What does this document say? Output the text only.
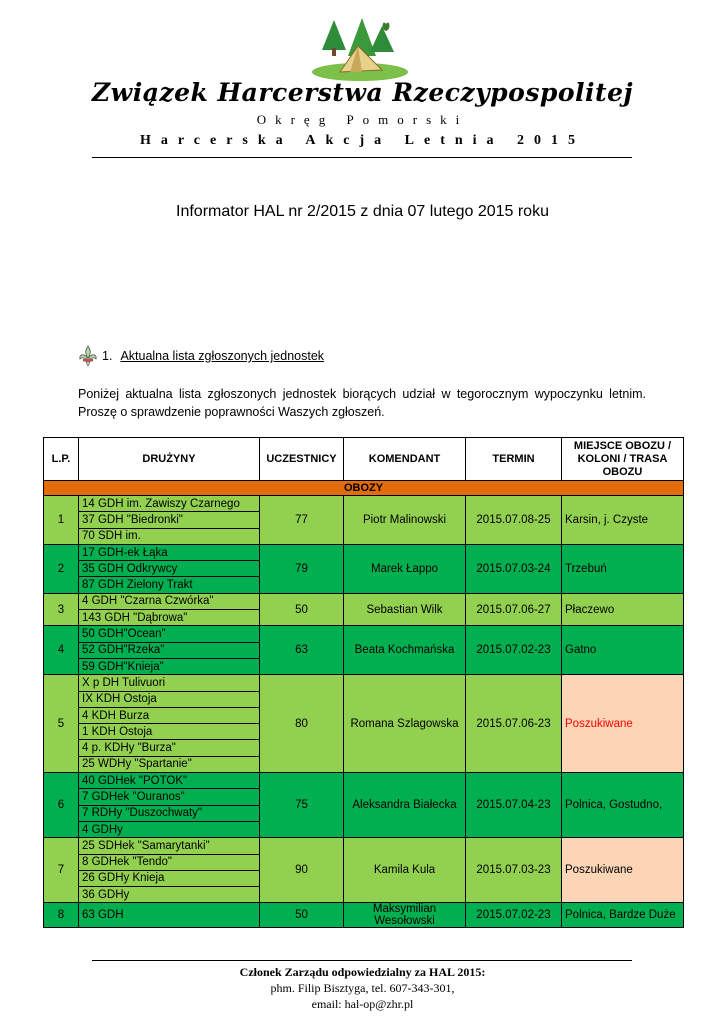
Związek Harcerstwa Rzeczypospolitej
Okręg Pomorski
Harcerska Akcja Letnia 2015
Informator HAL nr 2/2015 z dnia 07 lutego 2015 roku
1. Aktualna lista zgłoszonych jednostek
Poniżej aktualna lista zgłoszonych jednostek biorących udział w tegorocznym wypoczynku letnim. Proszę o sprawdzenie poprawności Waszych zgłoszeń.
L.P.	DRUŻYNY	UCZESTNICY	KOMENDANT	TERMIN	MIEJSCE OBOZU / KOLONI / TRASA OBOZU
OBOZY					
1	14 GDH im. Zawiszy Czarnego	77	Piotr Malinowski	2015.07.08-25	Karsin, j. Czyste
	37 GDH "Biedronki"				
	70 SDH im.				
2	17 GDH-ek Łąka	79	Marek Łappo	2015.07.03-24	Trzebuń
	35 GDH Odkrywcy				
	87 GDH Zielony Trakt				
3	4 GDH "Czarna Czwórka"	50	Sebastian Wilk	2015.07.06-27	Płaczewo
	143 GDH "Dąbrowa"				
4	50 GDH"Ocean"	63	Beata Kochmańska	2015.07.02-23	Gatno
	52 GDH"Rzeka"				
	59 GDH"Knieja"				
5	X p DH Tulivuori	80	Romana Szlagowska	2015.07.06-23	Poszukiwane
	IX KDH Ostoja				
	4 KDH Burza				
	1 KDH Ostoja				
	4 p. KDHy "Burza"				
	25 WDHy "Spartanie"				
6	40 GDHek "POTOK"	75	Aleksandra Białecka	2015.07.04-23	Polnica, Gostudno,
	7 GDHek "Ouranos"				
	7 RDHy "Duszochwaty"				
	4 GDHy				
7	25 SDHek "Samarytanki"	90	Kamila Kula	2015.07.03-23	Poszukiwane
	8 GDHek "Tendo"				
	26 GDHy Knieja				
	36 GDHy				
8	63 GDH	50	Maksymilian Wesołowski	2015.07.02-23	Polnica, Bardze Duże
Członek Zarządu odpowiedzialny za HAL 2015:
phm. Filip Bisztyga, tel. 607-343-301,
email: hal-op@zhr.pl
